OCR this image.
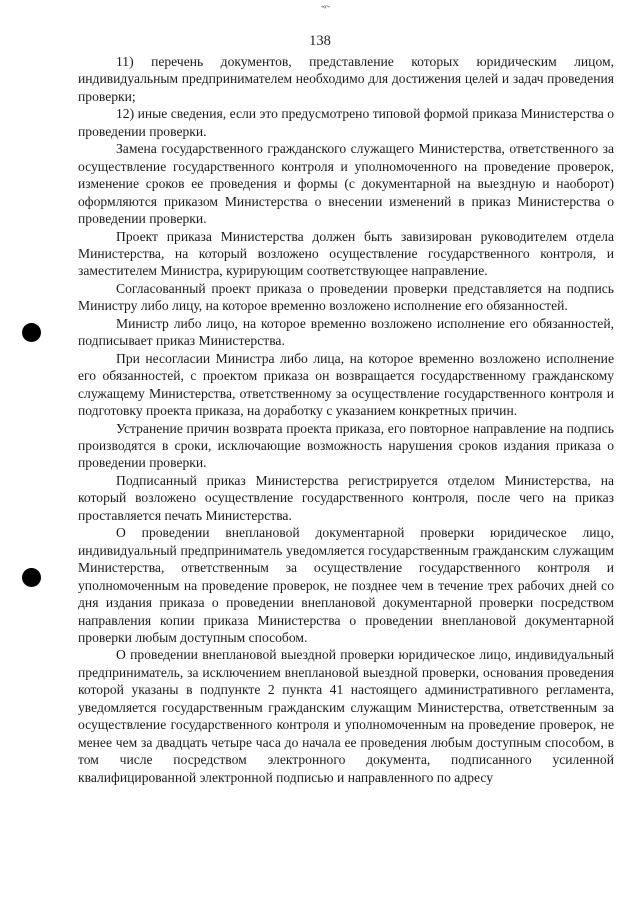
-‹‹·-
138

11) перечень документов, представление которых юридическим лицом, индивидуальным предпринимателем необходимо для достижения целей и задач проведения проверки;

12) иные сведения, если это предусмотрено типовой формой приказа Министерства о проведении проверки.

Замена государственного гражданского служащего Министерства, ответственного за осуществление государственного контроля и уполномоченного на проведение проверок, изменение сроков ее проведения и формы (с документарной на выездную и наоборот) оформляются приказом Министерства о внесении изменений в приказ Министерства о проведении проверки.

Проект приказа Министерства должен быть завизирован руководителем отдела Министерства, на который возложено осуществление государственного контроля, и заместителем Министра, курирующим соответствующее направление.

Согласованный проект приказа о проведении проверки представляется на подпись Министру либо лицу, на которое временно возложено исполнение его обязанностей.

Министр либо лицо, на которое временно возложено исполнение его обязанностей, подписывает приказ Министерства.

При несогласии Министра либо лица, на которое временно возложено исполнение его обязанностей, с проектом приказа он возвращается государственному гражданскому служащему Министерства, ответственному за осуществление государственного контроля и подготовку проекта приказа, на доработку с указанием конкретных причин.

Устранение причин возврата проекта приказа, его повторное направление на подпись производятся в сроки, исключающие возможность нарушения сроков издания приказа о проведении проверки.

Подписанный приказ Министерства регистрируется отделом Министерства, на который возложено осуществление государственного контроля, после чего на приказ проставляется печать Министерства.

О проведении внеплановой документарной проверки юридическое лицо, индивидуальный предприниматель уведомляется государственным гражданским служащим Министерства, ответственным за осуществление государственного контроля и уполномоченным на проведение проверок, не позднее чем в течение трех рабочих дней со дня издания приказа о проведении внеплановой документарной проверки посредством направления копии приказа Министерства о проведении внеплановой документарной проверки любым доступным способом.

О проведении внеплановой выездной проверки юридическое лицо, индивидуальный предприниматель, за исключением внеплановой выездной проверки, основания проведения которой указаны в подпункте 2 пункта 41 настоящего административного регламента, уведомляется государственным гражданским служащим Министерства, ответственным за осуществление государственного контроля и уполномоченным на проведение проверок, не менее чем за двадцать четыре часа до начала ее проведения любым доступным способом, в том числе посредством электронного документа, подписанного усиленной квалифицированной электронной подписью и направленного по адресу
